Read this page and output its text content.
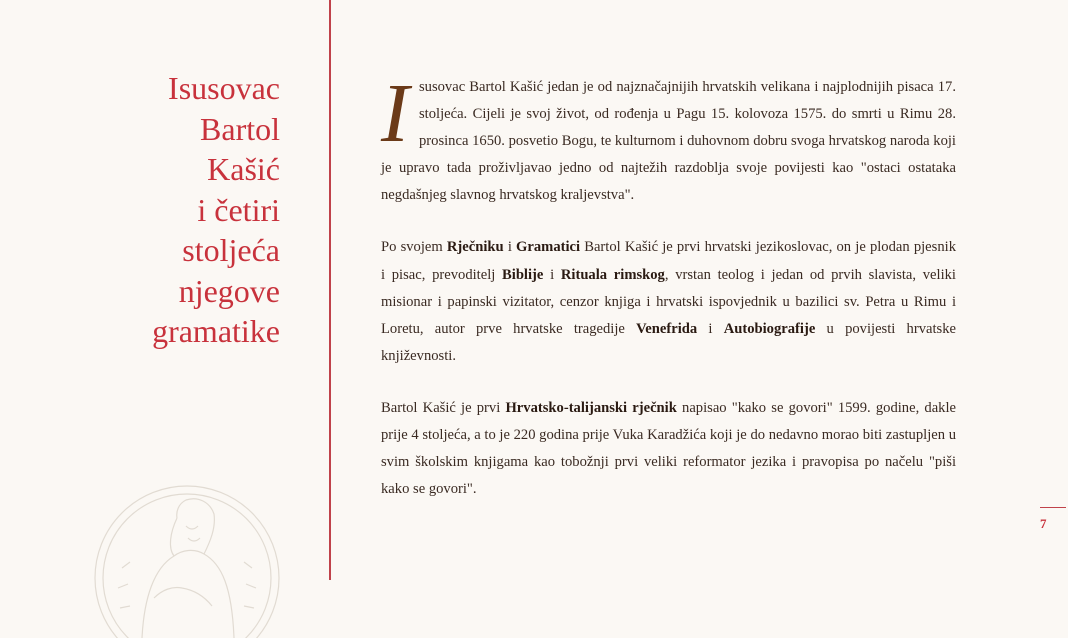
Isusovac
Bartol
Kašić
i četiri
stoljeća
njegove
gramatike

Isusovac Bartol Kašić jedan je od najznačajnijih hrvatskih velikana i najplodnijih pisaca 17. stoljeća. Cijeli je svoj život, od rođenja u Pagu 15. kolovoza 1575. do smrti u Rimu 28. prosinca 1650. posvetio Bogu, te kulturnom i duhovnom dobru svoga hrvatskog naroda koji je upravo tada proživljavao jedno od najtežih razdoblja svoje povijesti kao "ostaci ostataka negdašnjeg slavnog hrvatskog kraljevstva".

Po svojem Rječniku i Gramatici Bartol Kašić je prvi hrvatski jezikoslovac, on je plodan pjesnik i pisac, prevoditelj Biblije i Rituala rimskog, vrstan teolog i jedan od prvih slavista, veliki misionar i papinski vizitator, cenzor knjiga i hrvatski ispovjednik u bazilici sv. Petra u Rimu i Loretu, autor prve hrvatske tragedije Venefrida i Autobiografije u povijesti hrvatske književnosti.

Bartol Kašić je prvi Hrvatsko-talijanski rječnik napisao "kako se govori" 1599. godine, dakle prije 4 stoljeća, a to je 220 godina prije Vuka Karadžića koji je do nedavno morao biti zastupljen u svim školskim knjigama kao tobožnji prvi veliki reformator jezika i pravopisa po načelu "piši kako se govori".

7
